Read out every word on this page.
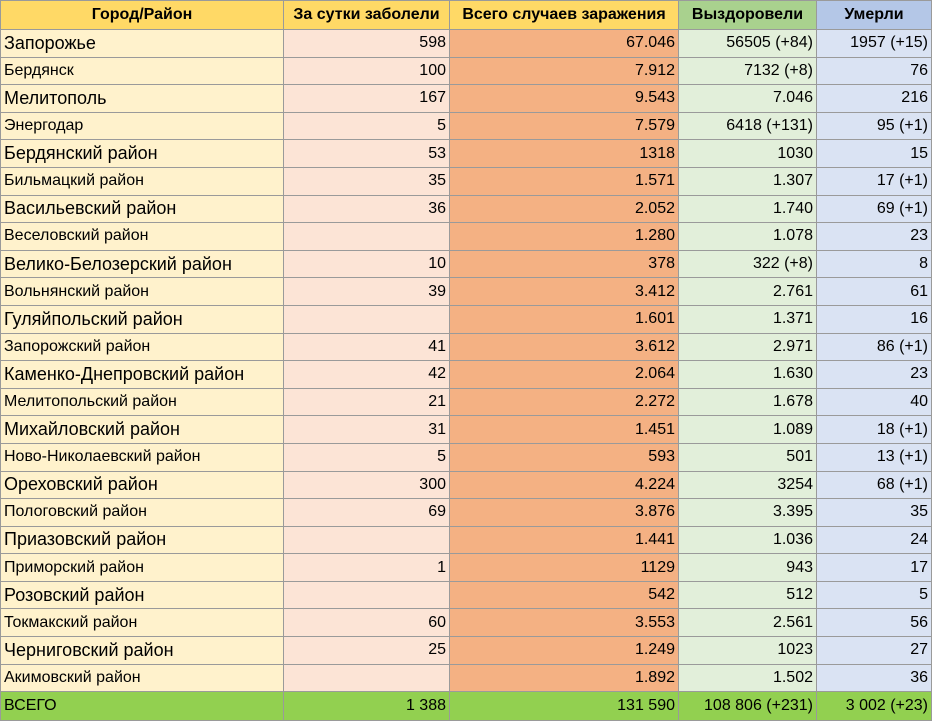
Город/Район	За сутки заболели	Всего случаев заражения	Выздоровели	Умерли
Запорожье	598	67.046	56505 (+84)	1957 (+15)
Бердянск	100	7.912	7132 (+8)	76
Мелитополь	167	9.543	7.046	216
Энергодар	5	7.579	6418 (+131)	95 (+1)
Бердянский район	53	1318	1030	15
Бильмацкий район	35	1.571	1.307	17 (+1)
Васильевский район	36	2.052	1.740	69 (+1)
Веселовский район		1.280	1.078	23
Велико-Белозерский район	10	378	322 (+8)	8
Вольнянский район	39	3.412	2.761	61
Гуляйпольский район		1.601	1.371	16
Запорожский район	41	3.612	2.971	86 (+1)
Каменко-Днепровский район	42	2.064	1.630	23
Мелитопольский район	21	2.272	1.678	40
Михайловский район	31	1.451	1.089	18 (+1)
Ново-Николаевский район	5	593	501	13 (+1)
Ореховский район	300	4.224	3254	68 (+1)
Пологовский район	69	3.876	3.395	35
Приазовский район		1.441	1.036	24
Приморский район	1	1129	943	17
Розовский район		542	512	5
Токмакский район	60	3.553	2.561	56
Черниговский район	25	1.249	1023	27
Акимовский район		1.892	1.502	36
ВСЕГО	1 388	131 590	108 806 (+231)	3 002 (+23)
